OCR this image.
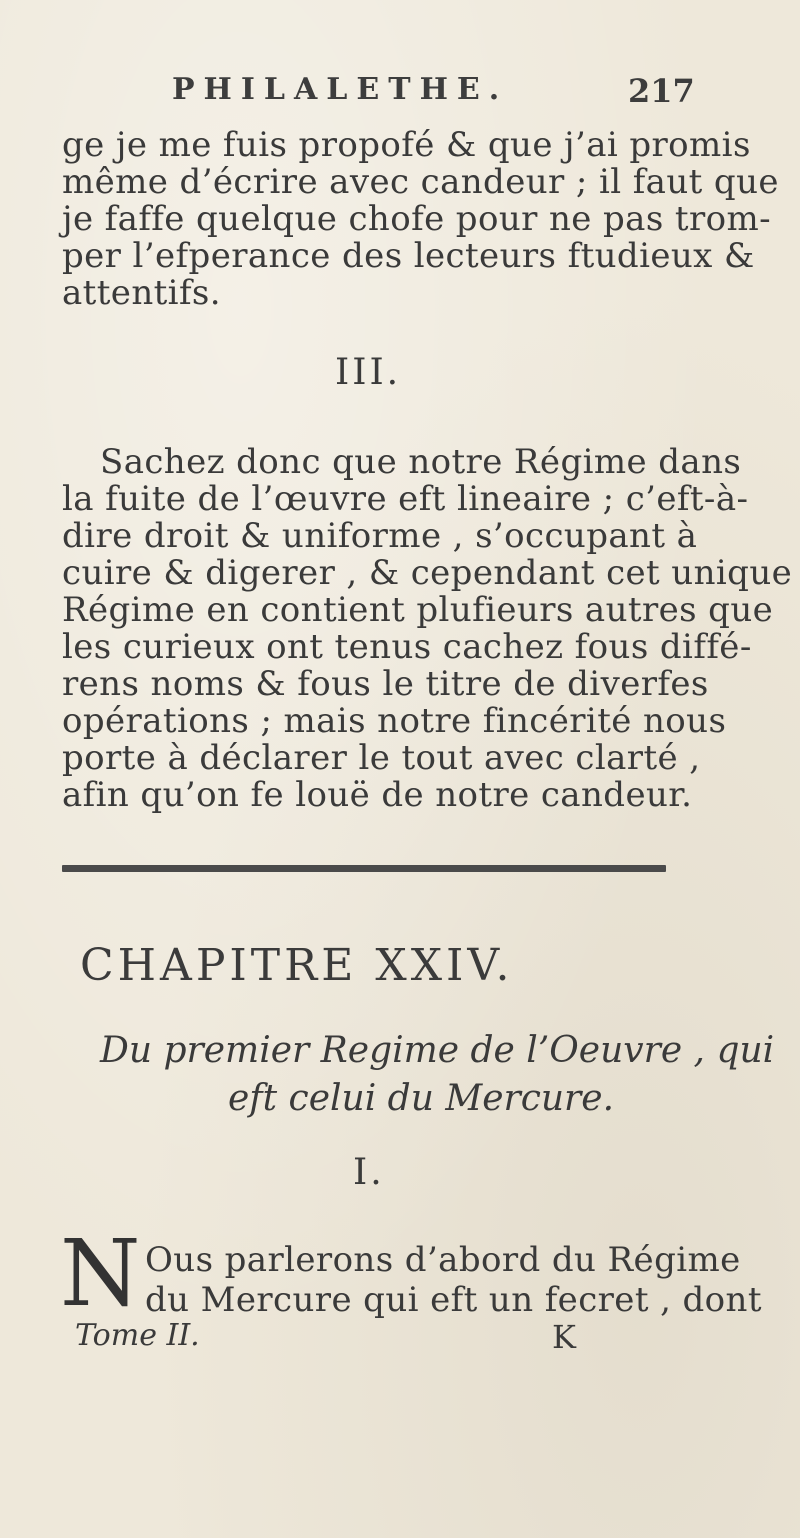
PHILALETHE.	217
ge je me fuis propofé & que j’ai promis
même d’écrire avec candeur ; il faut que
je faffe quelque chofe pour ne pas trom-
per l’efperance des lecteurs ftudieux &
attentifs.
III.
Sachez donc que notre Régime dans
la fuite de l’œuvre eft lineaire ; c’eft-à-
dire droit & uniforme , s’occupant à
cuire & digerer , & cependant cet unique
Régime en contient plufieurs autres que
les curieux ont tenus cachez fous diffé-
rens noms & fous le titre de diverfes
opérations ; mais notre fincérité nous
porte à déclarer le tout avec clarté ,
afin qu’on fe louë de notre candeur.
CHAPITRE XXIV.
Du premier Regime de l’Oeuvre , qui
eft celui du Mercure.
I.
N Ous parlerons d’abord du Régime
du Mercure qui eft un fecret , dont
Tome II.	K
